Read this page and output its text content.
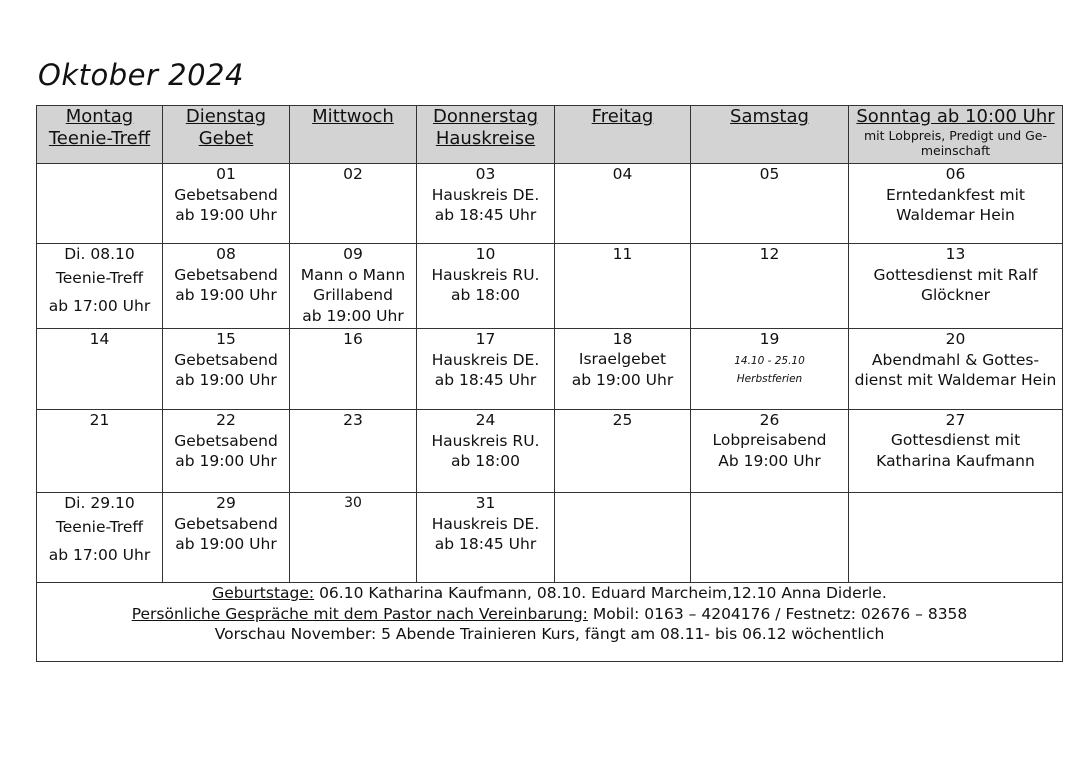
Oktober 2024
Montag
Teenie-Treff	Dienstag
Gebet	Mittwoch	Donnerstag
Hauskreise	Freitag	Samstag	Sonntag ab 10:00 Uhr
mit Lobpreis, Predigt und Ge-meinschaft

	01
Gebetsabend
ab 19:00 Uhr	02	03
Hauskreis DE.
ab 18:45 Uhr	04	05	06
Erntedankfest mit
Waldemar Hein

Di. 08.10
Teenie-Treff
ab 17:00 Uhr	08
Gebetsabend
ab 19:00 Uhr	09
Mann o Mann
Grillabend
ab 19:00 Uhr	10
Hauskreis RU.
ab 18:00	11	12	13
Gottesdienst mit Ralf
Glöckner

14	15
Gebetsabend
ab 19:00 Uhr	16	17
Hauskreis DE.
ab 18:45 Uhr	18
Israelgebet
ab 19:00 Uhr	19
14.10 - 25.10
Herbstferien	20
Abendmahl & Gottes-
dienst mit Waldemar Hein

21	22
Gebetsabend
ab 19:00 Uhr	23	24
Hauskreis RU.
ab 18:00	25	26
Lobpreisabend
Ab 19:00 Uhr	27
Gottesdienst mit
Katharina Kaufmann

Di. 29.10
Teenie-Treff
ab 17:00 Uhr	29
Gebetsabend
ab 19:00 Uhr	30	31
Hauskreis DE.
ab 18:45 Uhr			

Geburtstage: 06.10 Katharina Kaufmann, 08.10. Eduard Marcheim,12.10 Anna Diderle.
Persönliche Gespräche mit dem Pastor nach Vereinbarung: Mobil: 0163 – 4204176 / Festnetz: 02676 – 8358
Vorschau November: 5 Abende Trainieren Kurs, fängt am 08.11- bis 06.12 wöchentlich						
